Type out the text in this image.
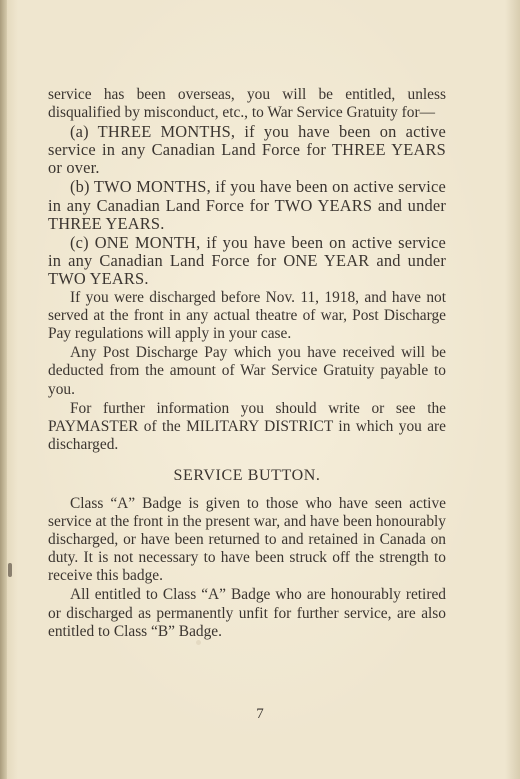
service has been overseas, you will be entitled, unless disqualified by misconduct, etc., to War Service Gratuity for—

(a) THREE MONTHS, if you have been on active service in any Canadian Land Force for THREE YEARS or over.

(b) TWO MONTHS, if you have been on active service in any Canadian Land Force for TWO YEARS and under THREE YEARS.

(c) ONE MONTH, if you have been on active service in any Canadian Land Force for ONE YEAR and under TWO YEARS.

If you were discharged before Nov. 11, 1918, and have not served at the front in any actual theatre of war, Post Discharge Pay regulations will apply in your case.

Any Post Discharge Pay which you have received will be deducted from the amount of War Service Gratuity payable to you.

For further information you should write or see the PAYMASTER of the MILITARY DISTRICT in which you are discharged.

SERVICE BUTTON.

Class “A” Badge is given to those who have seen active service at the front in the present war, and have been honourably discharged, or have been returned to and retained in Canada on duty. It is not necessary to have been struck off the strength to receive this badge.

All entitled to Class “A” Badge who are honourably retired or discharged as permanently unfit for further service, are also entitled to Class “B” Badge.

7
